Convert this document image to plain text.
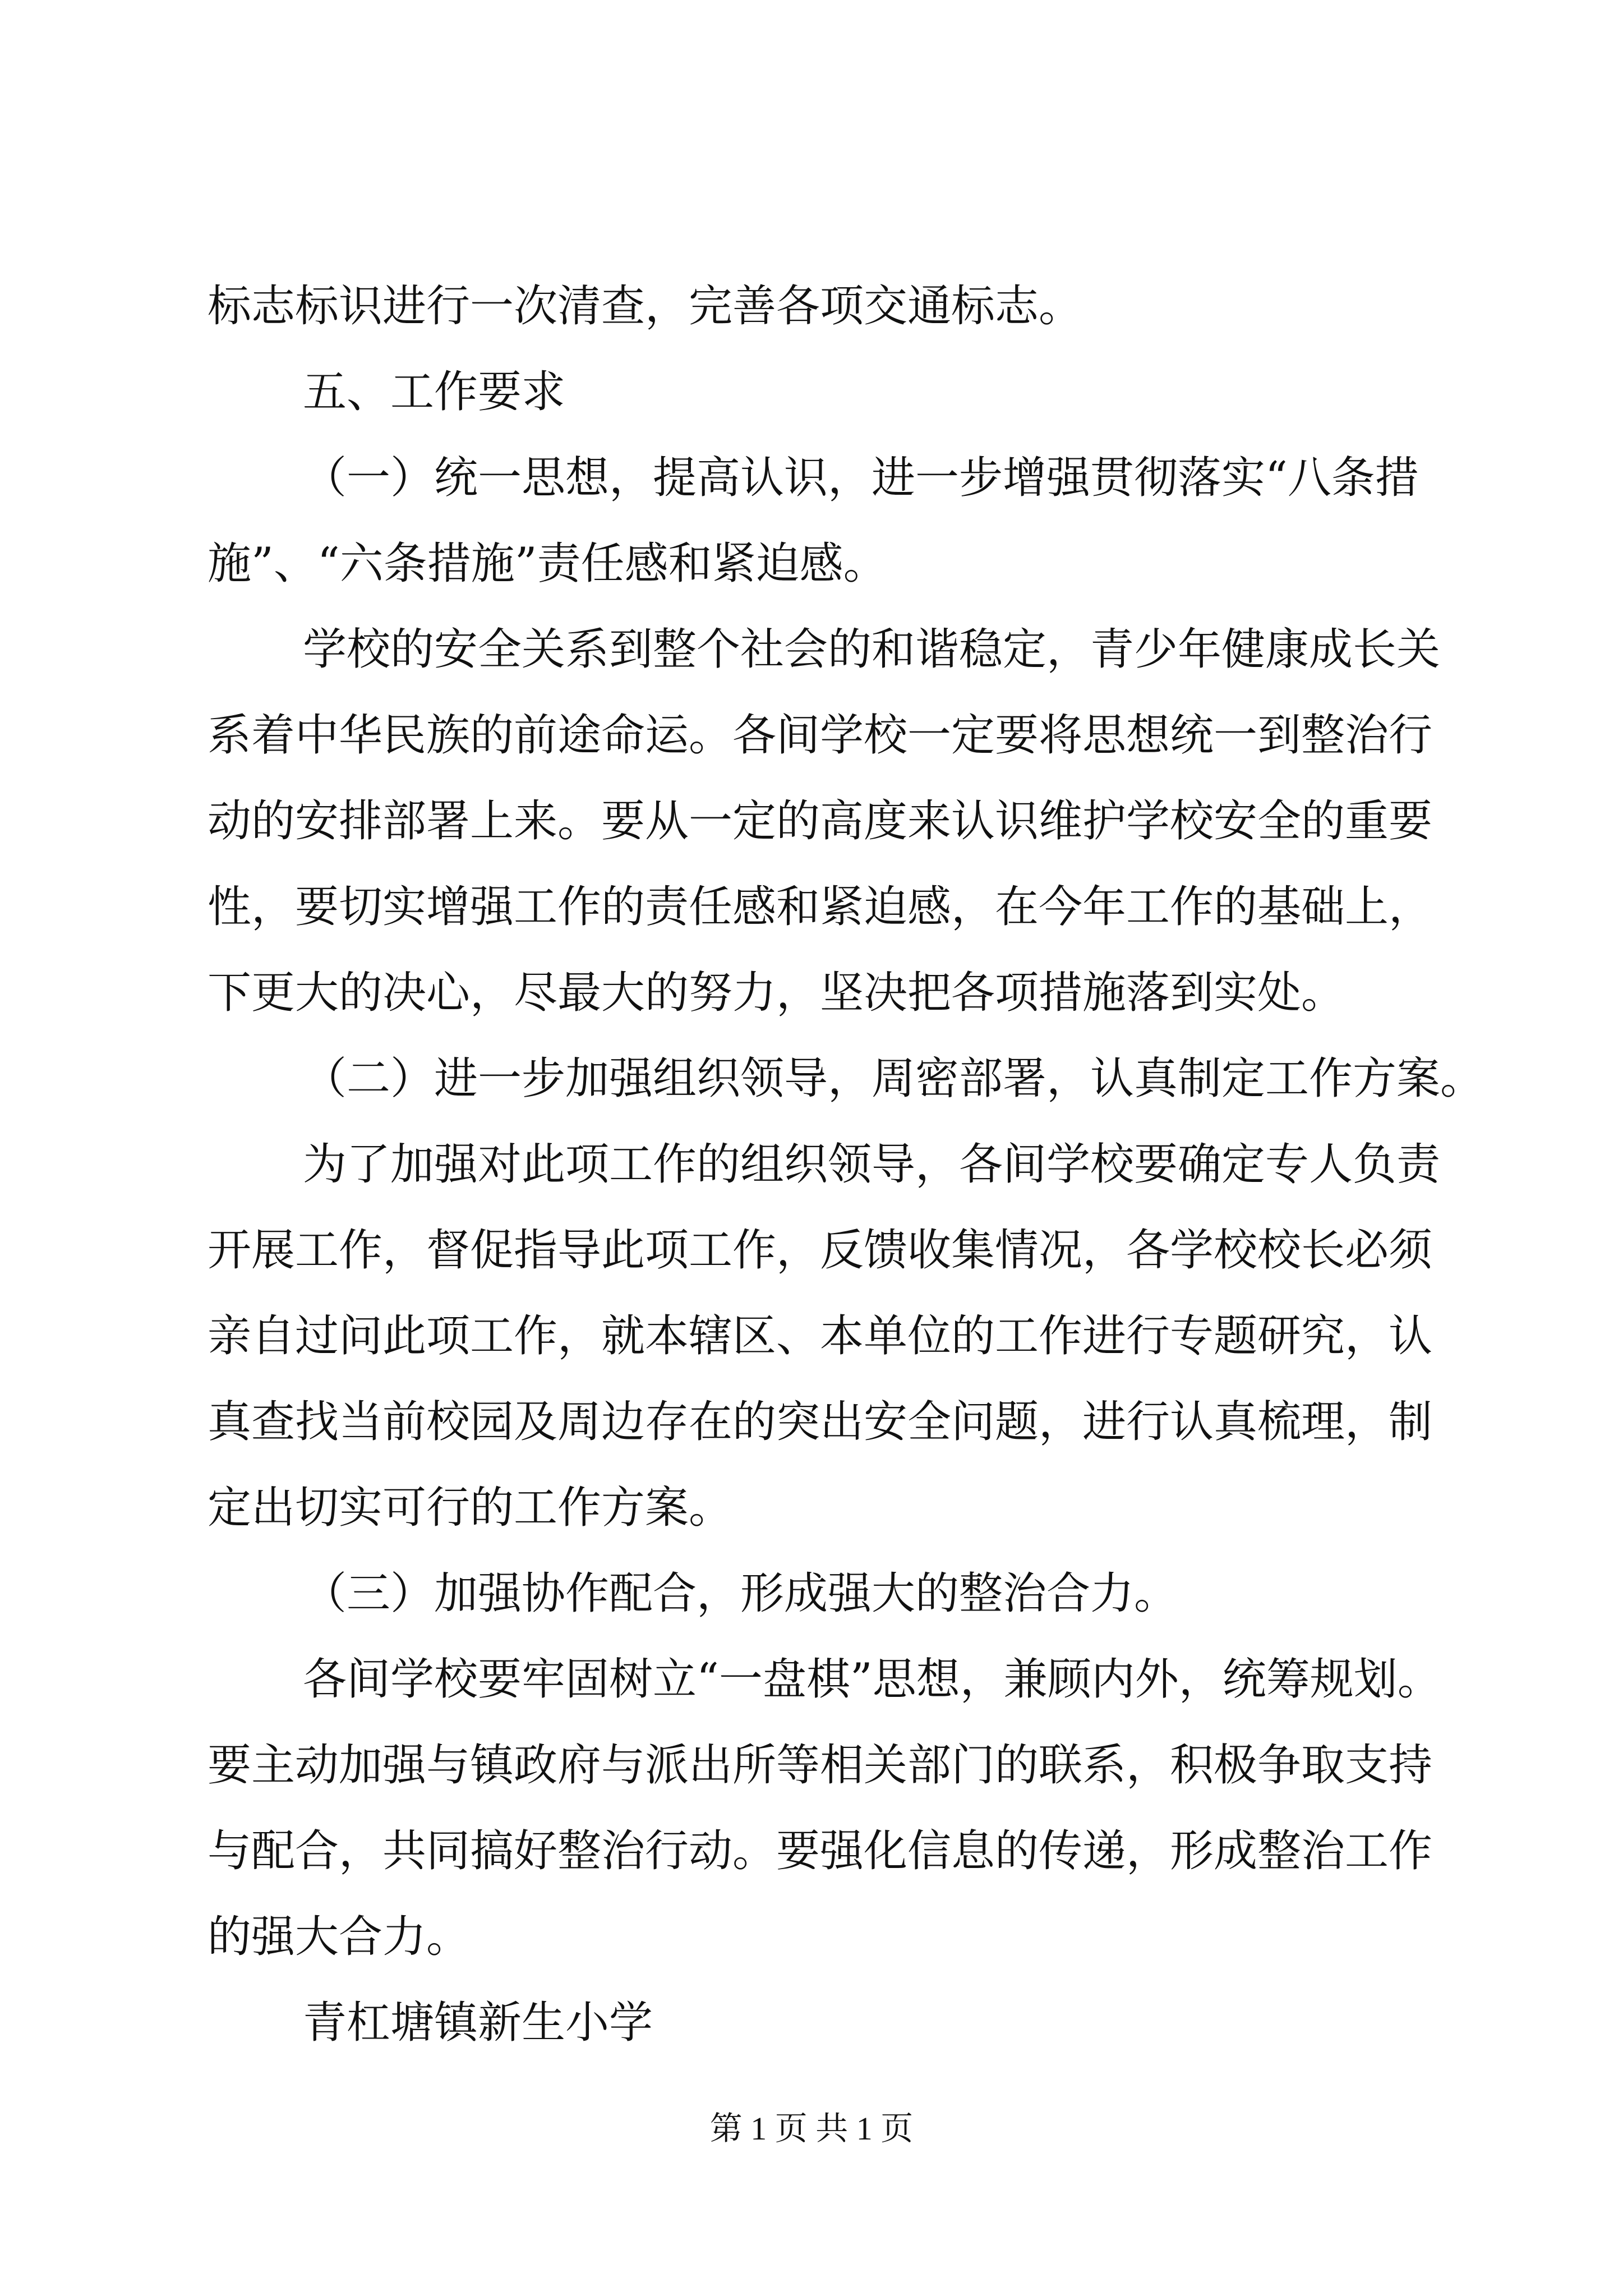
标志标识进行一次清查，完善各项交通标志。
五、工作要求
（一）统一思想，提高认识，进一步增强贯彻落实“八条措
施”、“六条措施”责任感和紧迫感。
学校的安全关系到整个社会的和谐稳定，青少年健康成长关
系着中华民族的前途命运。各间学校一定要将思想统一到整治行
动的安排部署上来。要从一定的高度来认识维护学校安全的重要
性，要切实增强工作的责任感和紧迫感，在今年工作的基础上，
下更大的决心，尽最大的努力，坚决把各项措施落到实处。
（二）进一步加强组织领导，周密部署，认真制定工作方案。
为了加强对此项工作的组织领导，各间学校要确定专人负责
开展工作，督促指导此项工作，反馈收集情况，各学校校长必须
亲自过问此项工作，就本辖区、本单位的工作进行专题研究，认
真查找当前校园及周边存在的突出安全问题，进行认真梳理，制
定出切实可行的工作方案。
（三）加强协作配合，形成强大的整治合力。
各间学校要牢固树立“一盘棋”思想，兼顾内外，统筹规划。
要主动加强与镇政府与派出所等相关部门的联系，积极争取支持
与配合，共同搞好整治行动。要强化信息的传递，形成整治工作
的强大合力。
青杠塘镇新生小学
第 1 页 共 1 页
